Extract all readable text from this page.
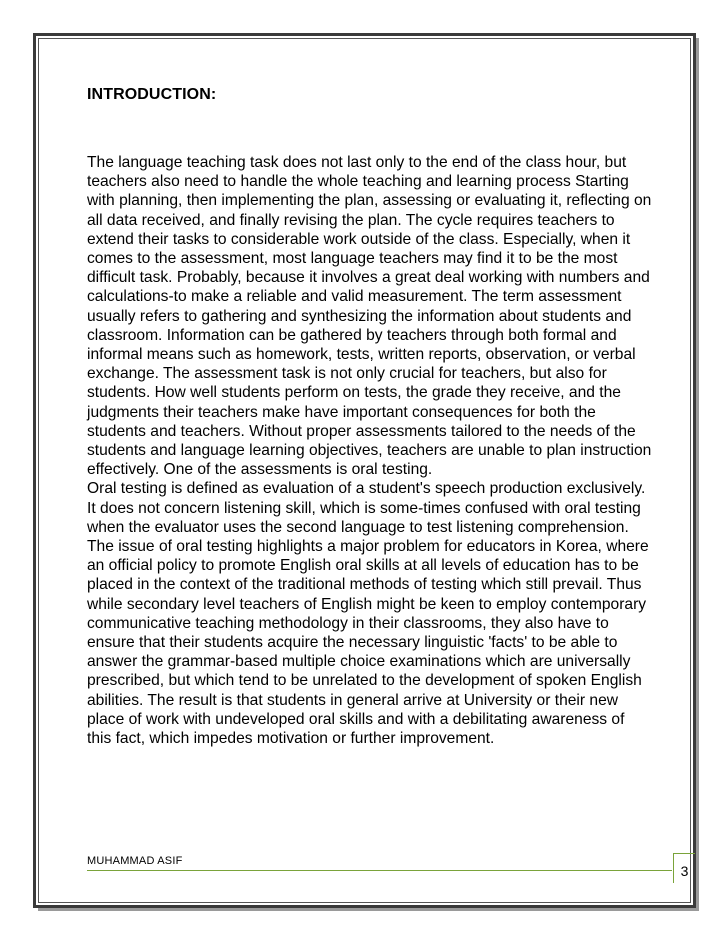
INTRODUCTION:

The language teaching task does not last only to the end of the class hour, but teachers also need to handle the whole teaching and learning process Starting with planning, then implementing the plan, assessing or evaluating it, reflecting on all data received, and finally revising the plan. The cycle requires teachers to extend their tasks to considerable work outside of the class. Especially, when it comes to the assessment, most language teachers may find it to be the most difficult task. Probably, because it involves a great deal working with numbers and calculations-to make a reliable and valid measurement. The term assessment usually refers to gathering and synthesizing the information about students and classroom. Information can be gathered by teachers through both formal and informal means such as homework, tests, written reports, observation, or verbal exchange. The assessment task is not only crucial for teachers, but also for students. How well students perform on tests, the grade they receive, and the judgments their teachers make have important consequences for both the students and teachers. Without proper assessments tailored to the needs of the students and language learning objectives, teachers are unable to plan instruction effectively. One of the assessments is oral testing.

Oral testing is defined as evaluation of a student's speech production exclusively. It does not concern listening skill, which is some-times confused with oral testing when the evaluator uses the second language to test listening comprehension.

The issue of oral testing highlights a major problem for educators in Korea, where an official policy to promote English oral skills at all levels of education has to be placed in the context of the traditional methods of testing which still prevail. Thus while secondary level teachers of English might be keen to employ contemporary communicative teaching methodology in their classrooms, they also have to ensure that their students acquire the necessary linguistic 'facts' to be able to answer the grammar-based multiple choice examinations which are universally prescribed, but which tend to be unrelated to the development of spoken English abilities. The result is that students in general arrive at University or their new place of work with undeveloped oral skills and with a debilitating awareness of this fact, which impedes motivation or further improvement.

MUHAMMAD ASIF
3
